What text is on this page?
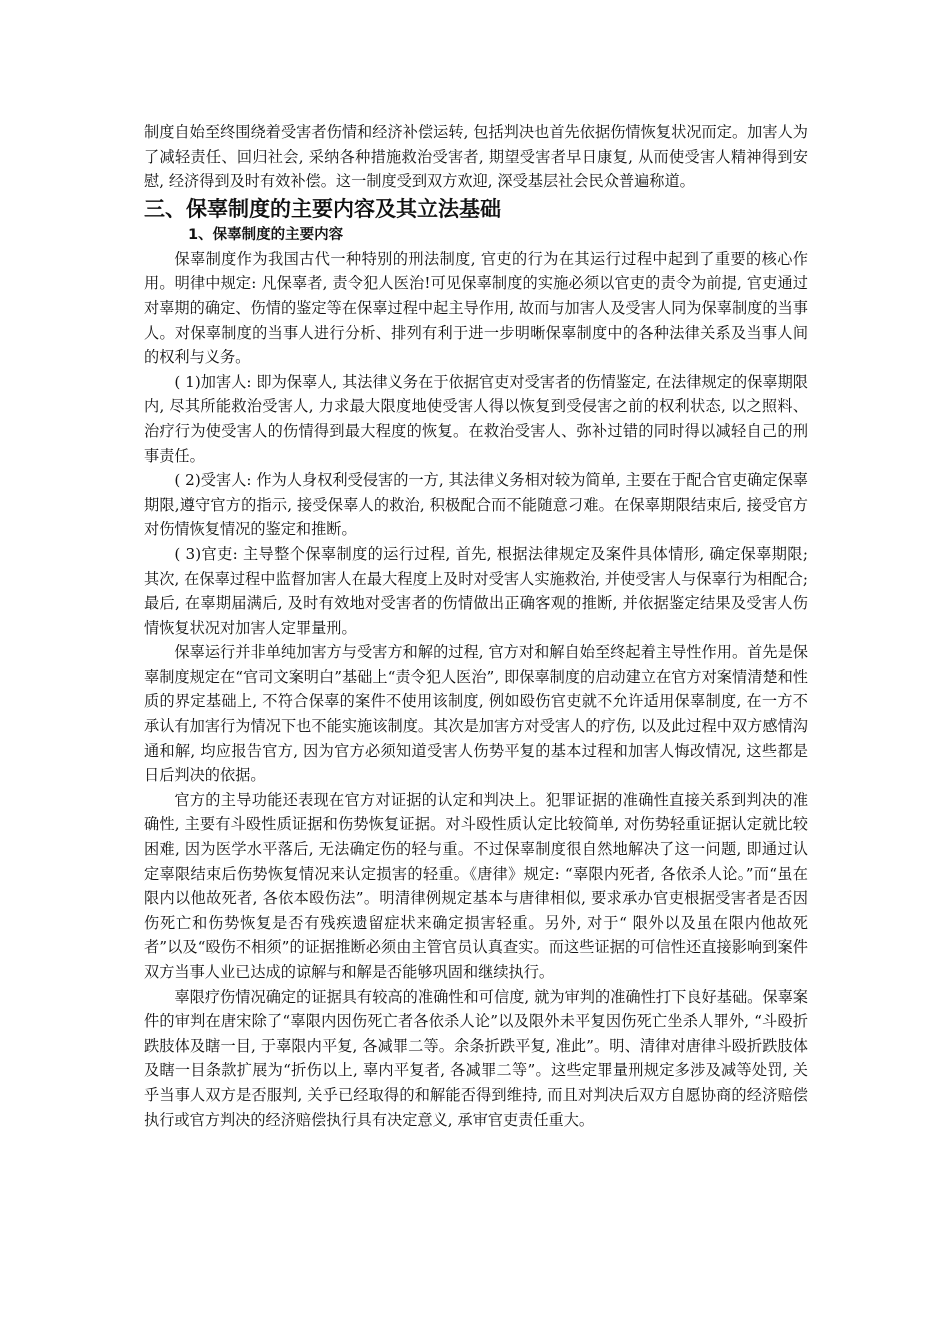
制度自始至终围绕着受害者伤情和经济补偿运转, 包括判决也首先依据伤情恢复状况而定。加害人为了减轻责任、回归社会, 采纳各种措施救治受害者, 期望受害者早日康复, 从而使受害人精神得到安慰, 经济得到及时有效补偿。这一制度受到双方欢迎, 深受基层社会民众普遍称道。

三、保辜制度的主要内容及其立法基础
1、保辜制度的主要内容

保辜制度作为我国古代一种特别的刑法制度, 官吏的行为在其运行过程中起到了重要的核心作用。明律中规定: 凡保辜者, 责令犯人医治!可见保辜制度的实施必须以官吏的责令为前提, 官吏通过对辜期的确定、伤情的鉴定等在保辜过程中起主导作用, 故而与加害人及受害人同为保辜制度的当事人。对保辜制度的当事人进行分析、排列有利于进一步明晰保辜制度中的各种法律关系及当事人间的权利与义务。

( 1)加害人: 即为保辜人, 其法律义务在于依据官吏对受害者的伤情鉴定, 在法律规定的保辜期限内, 尽其所能救治受害人, 力求最大限度地使受害人得以恢复到受侵害之前的权利状态, 以之照料、治疗行为使受害人的伤情得到最大程度的恢复。在救治受害人、弥补过错的同时得以减轻自己的刑事责任。

( 2)受害人: 作为人身权利受侵害的一方, 其法律义务相对较为简单, 主要在于配合官吏确定保辜期限,遵守官方的指示, 接受保辜人的救治, 积极配合而不能随意刁难。在保辜期限结束后, 接受官方对伤情恢复情况的鉴定和推断。

( 3)官吏: 主导整个保辜制度的运行过程, 首先, 根据法律规定及案件具体情形, 确定保辜期限; 其次, 在保辜过程中监督加害人在最大程度上及时对受害人实施救治, 并使受害人与保辜行为相配合; 最后, 在辜期届满后, 及时有效地对受害者的伤情做出正确客观的推断, 并依据鉴定结果及受害人伤情恢复状况对加害人定罪量刑。

保辜运行并非单纯加害方与受害方和解的过程, 官方对和解自始至终起着主导性作用。首先是保辜制度规定在“官司文案明白”基础上“责令犯人医治”, 即保辜制度的启动建立在官方对案情清楚和性质的界定基础上, 不符合保辜的案件不使用该制度, 例如殴伤官吏就不允许适用保辜制度, 在一方不承认有加害行为情况下也不能实施该制度。其次是加害方对受害人的疗伤, 以及此过程中双方感情沟通和解, 均应报告官方, 因为官方必须知道受害人伤势平复的基本过程和加害人悔改情况, 这些都是日后判决的依据。

官方的主导功能还表现在官方对证据的认定和判决上。犯罪证据的准确性直接关系到判决的准确性, 主要有斗殴性质证据和伤势恢复证据。对斗殴性质认定比较简单, 对伤势轻重证据认定就比较困难, 因为医学水平落后, 无法确定伤的轻与重。不过保辜制度很自然地解决了这一问题, 即通过认定辜限结束后伤势恢复情况来认定损害的轻重。《唐律》规定: “辜限内死者, 各依杀人论。”而“虽在限内以他故死者, 各依本殴伤法”。明清律例规定基本与唐律相似, 要求承办官吏根据受害者是否因伤死亡和伤势恢复是否有残疾遗留症状来确定损害轻重。另外, 对于“ 限外以及虽在限内他故死者”以及“殴伤不相须”的证据推断必须由主管官员认真查实。而这些证据的可信性还直接影响到案件双方当事人业已达成的谅解与和解是否能够巩固和继续执行。

辜限疗伤情况确定的证据具有较高的准确性和可信度, 就为审判的准确性打下良好基础。保辜案件的审判在唐宋除了“辜限内因伤死亡者各依杀人论”以及限外未平复因伤死亡坐杀人罪外, “斗殴折跌肢体及瞎一目, 于辜限内平复, 各减罪二等。余条折跌平复, 准此”。明、清律对唐律斗殴折跌肢体及瞎一目条款扩展为“折伤以上, 辜内平复者, 各减罪二等”。这些定罪量刑规定多涉及减等处罚, 关乎当事人双方是否服判, 关乎已经取得的和解能否得到维持, 而且对判决后双方自愿协商的经济赔偿执行或官方判决的经济赔偿执行具有决定意义, 承审官吏责任重大。
